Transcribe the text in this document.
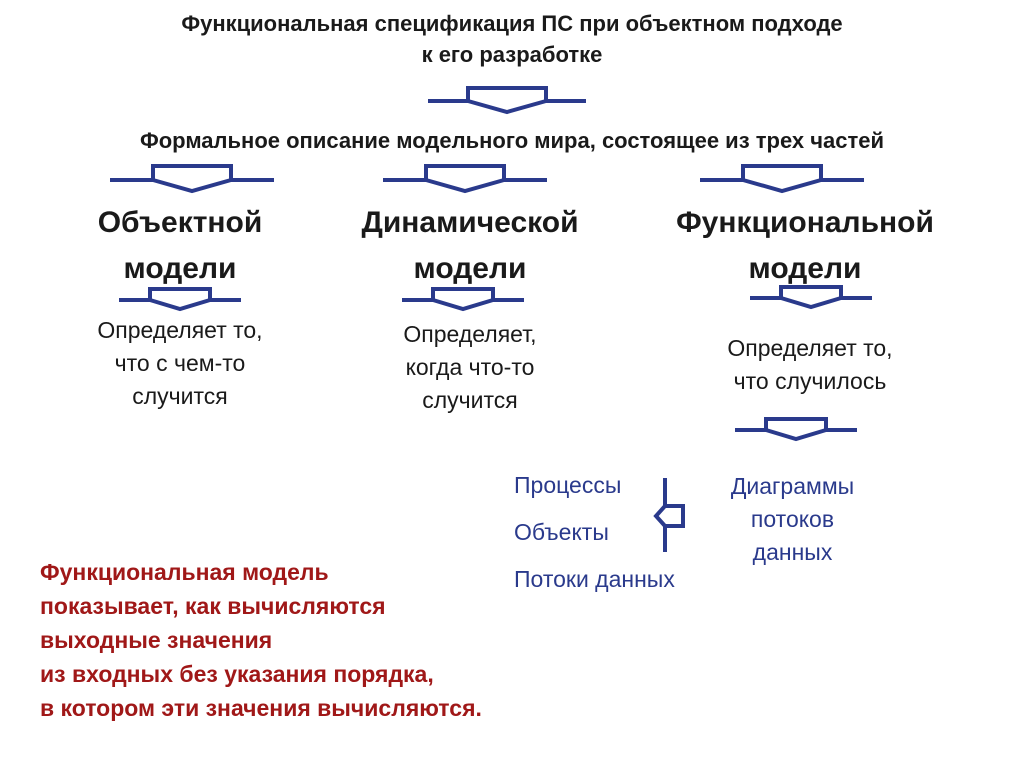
Функциональная спецификация ПС при объектном подходе
к его разработке

Формальное описание модельного мира, состоящее из трех частей

Объектной
модели
Динамической
модели
Функциональной
модели
Определяет то,
что с чем-то
случится
Определяет,
когда что-то
случится
Определяет то,
что случилось
Диаграммы
потоков
данных
Процессы
Объекты
Потоки данных
Функциональная модель
показывает, как вычисляются
выходные значения
из входных без указания порядка,
в котором эти значения вычисляются.
